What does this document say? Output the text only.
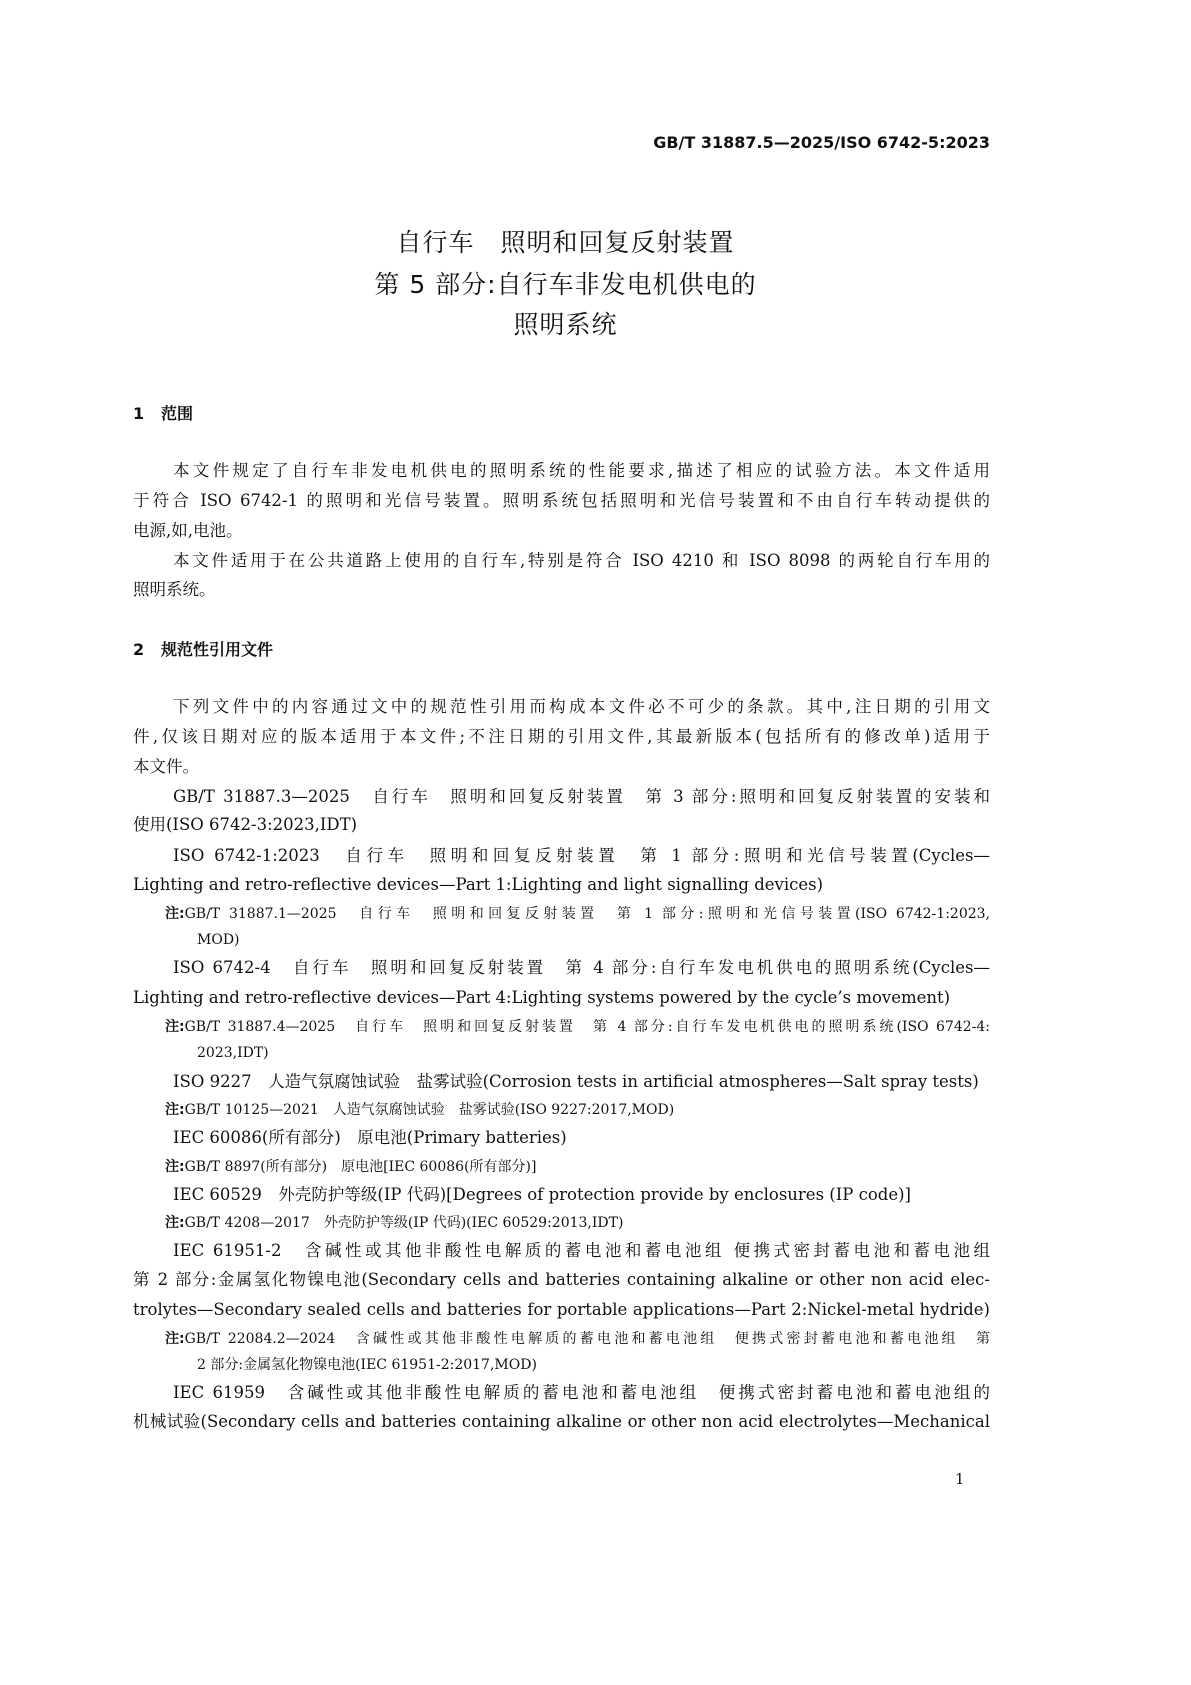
GB/T 31887.5—2025/ISO 6742-5:2023
自行车　照明和回复反射装置
第 5 部分:自行车非发电机供电的
照明系统
1 范围
本文件规定了自行车非发电机供电的照明系统的性能要求,描述了相应的试验方法。本文件适用
于符合 ISO 6742-1 的照明和光信号装置。照明系统包括照明和光信号装置和不由自行车转动提供的
电源,如,电池。
本文件适用于在公共道路上使用的自行车,特别是符合 ISO 4210 和 ISO 8098 的两轮自行车用的
照明系统。
2 规范性引用文件
下列文件中的内容通过文中的规范性引用而构成本文件必不可少的条款。其中,注日期的引用文
件,仅该日期对应的版本适用于本文件;不注日期的引用文件,其最新版本(包括所有的修改单)适用于
本文件。
GB/T 31887.3—2025　自行车　照明和回复反射装置　第 3 部分:照明和回复反射装置的安装和
使用(ISO 6742-3:2023,IDT)
ISO 6742-1:2023　自行车　照明和回复反射装置　第 1 部分:照明和光信号装置(Cycles—
Lighting and retro-reflective devices—Part 1:Lighting and light signalling devices)
注: GB/T 31887.1—2025　自行车　照明和回复反射装置　第 1 部分:照明和光信号装置(ISO 6742-1:2023,
MOD)
ISO 6742-4　自行车　照明和回复反射装置　第 4 部分:自行车发电机供电的照明系统(Cycles—
Lighting and retro-reflective devices—Part 4:Lighting systems powered by the cycle’s movement)
注: GB/T 31887.4—2025　自行车　照明和回复反射装置　第 4 部分:自行车发电机供电的照明系统(ISO 6742-4:
2023,IDT)
ISO 9227　人造气氛腐蚀试验　盐雾试验(Corrosion tests in artificial atmospheres—Salt spray tests)
注:GB/T 10125—2021　人造气氛腐蚀试验　盐雾试验(ISO 9227:2017,MOD)
IEC 60086(所有部分)　原电池(Primary batteries)
注:GB/T 8897(所有部分)　原电池[IEC 60086(所有部分)]
IEC 60529　外壳防护等级(IP 代码)[Degrees of protection provide by enclosures (IP code)]
注:GB/T 4208—2017　外壳防护等级(IP 代码)(IEC 60529:2013,IDT)
IEC 61951-2　含碱性或其他非酸性电解质的蓄电池和蓄电池组 便携式密封蓄电池和蓄电池组
第 2 部分:金属氢化物镍电池(Secondary cells and batteries containing alkaline or other non acid elec-
trolytes—Secondary sealed cells and batteries for portable applications—Part 2:Nickel-metal hydride)
注: GB/T 22084.2—2024　含碱性或其他非酸性电解质的蓄电池和蓄电池组　便携式密封蓄电池和蓄电池组　第
2 部分:金属氢化物镍电池(IEC 61951-2:2017,MOD)
IEC 61959　含碱性或其他非酸性电解质的蓄电池和蓄电池组　便携式密封蓄电池和蓄电池组的
机械试验(Secondary cells and batteries containing alkaline or other non acid electrolytes—Mechanical
1
